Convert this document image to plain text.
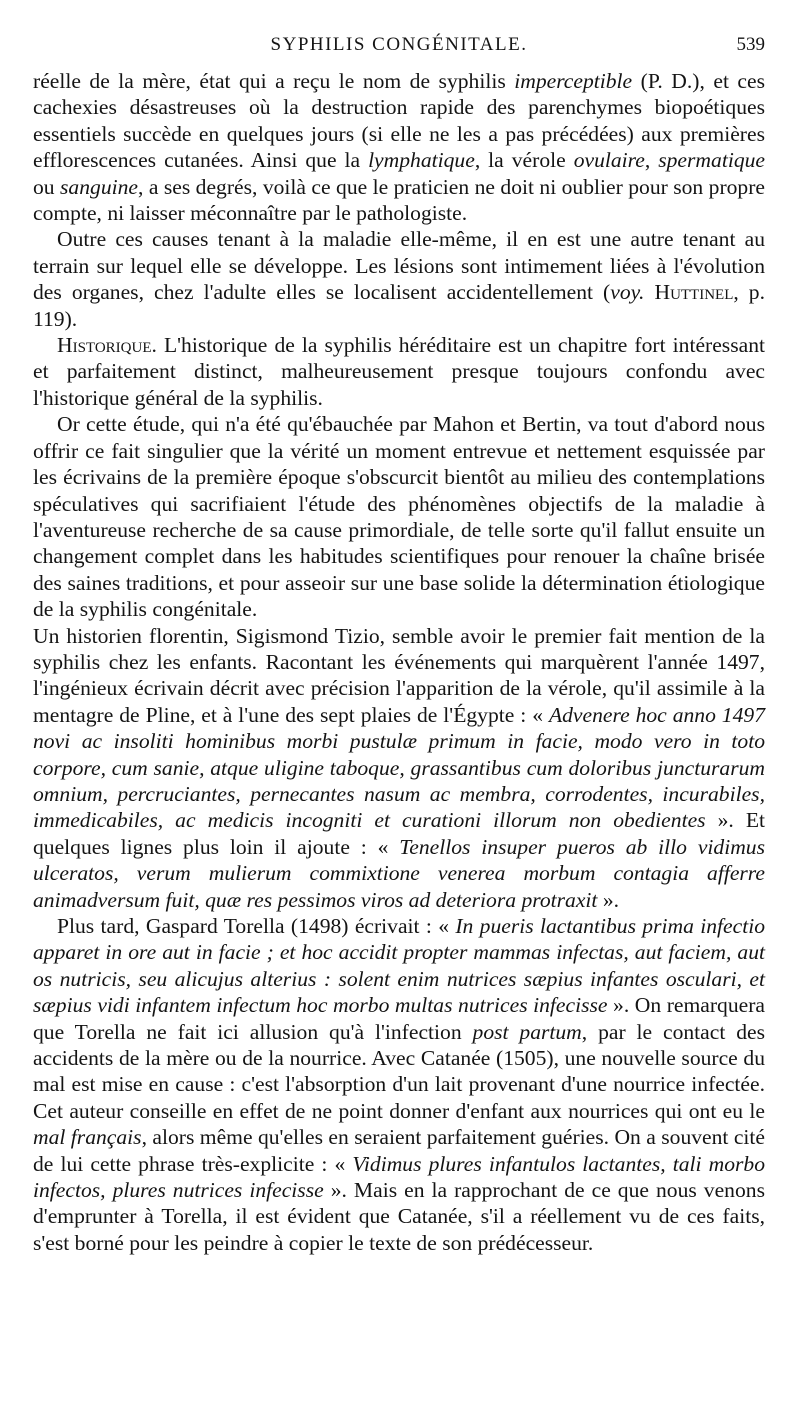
SYPHILIS CONGÉNITALE.	539

réelle de la mère, état qui a reçu le nom de syphilis imperceptible (P. D.), et ces cachexies désastreuses où la destruction rapide des parenchymes biopoétiques essentiels succède en quelques jours (si elle ne les a pas précédées) aux premières efflorescences cutanées. Ainsi que la lymphatique, la vérole ovulaire, spermatique ou sanguine, a ses degrés, voilà ce que le praticien ne doit ni oublier pour son propre compte, ni laisser méconnaître par le pathologiste.

Outre ces causes tenant à la maladie elle-même, il en est une autre tenant au terrain sur lequel elle se développe. Les lésions sont intimement liées à l'évolution des organes, chez l'adulte elles se localisent accidentellement (voy. Huttinel, p. 119).

Historique. L'historique de la syphilis héréditaire est un chapitre fort intéressant et parfaitement distinct, malheureusement presque toujours confondu avec l'historique général de la syphilis.

Or cette étude, qui n'a été qu'ébauchée par Mahon et Bertin, va tout d'abord nous offrir ce fait singulier que la vérité un moment entrevue et nettement esquissée par les écrivains de la première époque s'obscurcit bientôt au milieu des contemplations spéculatives qui sacrifiaient l'étude des phénomènes objectifs de la maladie à l'aventureuse recherche de sa cause primordiale, de telle sorte qu'il fallut ensuite un changement complet dans les habitudes scientifiques pour renouer la chaîne brisée des saines traditions, et pour asseoir sur une base solide la détermination étiologique de la syphilis congénitale.

Un historien florentin, Sigismond Tizio, semble avoir le premier fait mention de la syphilis chez les enfants. Racontant les événements qui marquèrent l'année 1497, l'ingénieux écrivain décrit avec précision l'apparition de la vérole, qu'il assimile à la mentagre de Pline, et à l'une des sept plaies de l'Égypte : « Advenere hoc anno 1497 novi ac insoliti hominibus morbi pustulæ primum in facie, modo vero in toto corpore, cum sanie, atque uligine taboque, grassantibus cum doloribus juncturarum omnium, percruciantes, pernecantes nasum ac membra, corrodentes, incurabiles, immedicabiles, ac medicis incogniti et curationi illorum non obedientes ». Et quelques lignes plus loin il ajoute : « Tenellos insuper pueros ab illo vidimus ulceratos, verum mulierum commixtione venerea morbum contagia afferre animadversum fuit, quæ res pessimos viros ad deteriora protraxit ».

Plus tard, Gaspard Torella (1498) écrivait : « In pueris lactantibus prima infectio apparet in ore aut in facie ; et hoc accidit propter mammas infectas, aut faciem, aut os nutricis, seu alicujus alterius : solent enim nutrices sæpius infantes osculari, et sæpius vidi infantem infectum hoc morbo multas nutrices infecisse ». On remarquera que Torella ne fait ici allusion qu'à l'infection post partum, par le contact des accidents de la mère ou de la nourrice. Avec Catanée (1505), une nouvelle source du mal est mise en cause : c'est l'absorption d'un lait provenant d'une nourrice infectée. Cet auteur conseille en effet de ne point donner d'enfant aux nourrices qui ont eu le mal français, alors même qu'elles en seraient parfaitement guéries. On a souvent cité de lui cette phrase très-explicite : « Vidimus plures infantulos lactantes, tali morbo infectos, plures nutrices infecisse ». Mais en la rapprochant de ce que nous venons d'emprunter à Torella, il est évident que Catanée, s'il a réellement vu de ces faits, s'est borné pour les peindre à copier le texte de son prédécesseur.
